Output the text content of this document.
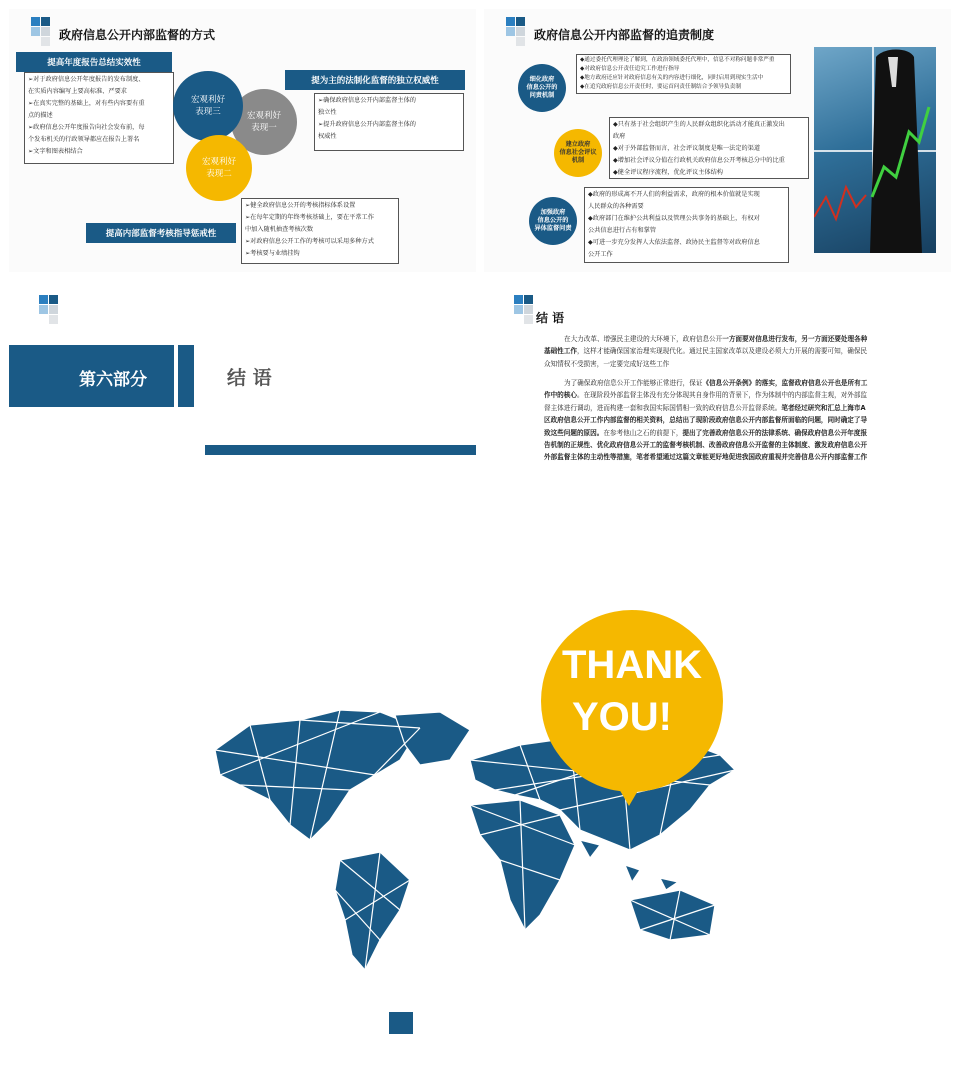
政府信息公开内部监督的方式
提高年度报告总结实效性
➢对于政府信息公开年度报告的发布制度、
在实质内容编写上要高标准、严要求
➢在真实完整的基础上，对有些内容要有重
点的描述
➢政府信息公开年度报告向社会发布前，每
个发布机关的行政领导都应在报告上署名
➢文字和图表相结合
提为主的法制化监督的独立权威性
➢确保政府信息公开内部监督主体的
独立性
➢提升政府信息公开内部监督主体的
权威性
宏观利好
表现一
宏观利好
表现三
宏观利好
表现二
➢健全政府信息公开的考核指标体系设置
➢在每年定期的年终考核基础上，要在平常工作
中加入随机抽查考核次数
➢对政府信息公开工作的考核可以采用多种方式
➢考核要与业绩挂钩
提高内部监督考核指导惩戒性
政府信息公开内部监督的追责制度
细化政府
信息公开的
问责机制
◆通过委托代理理论了解到，在政治领域委托代理中，信息不对称问题非常严重
◆对政府信息公开责任追究工作进行指导
◆地方政府还应针对政府信息有关的内容进行细化，同时启用到现实生活中
◆在追究政府信息公开责任时，要运首问责任制结合予领导负责制
建立政府
信息社会评议
机制
◆只有基于社会组织产生的人民群众组织化活动才能真正激发出
政府
◆对于外部监督而言，社会评议制度是唯一法定的渠道
◆增加社会评议分值在行政机关政府信息公开考核总分中的比重
◆健全评议程序流程，优化评议主体结构
加强政府
信息公开的
异体监督问责
◆政府的形成离不开人们的利益需求，政府的根本价值就是实现
人民群众的各种需要
◆政府部门在维护公共利益以及管理公共事务的基础上，有权对
公共信息进行占有和掌管
◆可进一步充分发挥人大依法监督、政协民主监督等对政府信息
公开工作
第六部分	结 语
结 语
在大力改革、增强民主建设的大环境下，政府信息公开一方面要对信息进行发布，另一方面还要处理各种基础性工作，这样才能确保国家治理实现现代化。通过民主国家改革以及建设必须大力开展的需要可知，确保民众知情权不受损害，一定要完成好这些工作
为了确保政府信息公开工作能够正常进行，保证《信息公开条例》的落实，监督政府信息公开也是所有工作中的核心。在现阶段外部监督主体没有充分体现其自身作用的背景下，作为体制中的内部监督主观，对外部监督主体进行调动，进而构建一套和我国实际国情相一致的政府信息公开监督系统。笔者经过研究和汇总上海市A区政府信息公开工作内部监督的相关资料，总结出了现阶段政府信息公开内部监督所面临的问题，同时确定了导致这些问题的原因。在参考他山之石的前提下，提出了完善政府信息公开的法律系统、确保政府信息公开年度报告机制的正规性、优化政府信息公开工的监督考核机制、改善政府信息公开监督的主体制度、激发政府信息公开外部监督主体的主动性等措施，笔者希望通过这篇文章能更好地促进我国政府重视并完善信息公开内部监督工作
THANK
YOU!
